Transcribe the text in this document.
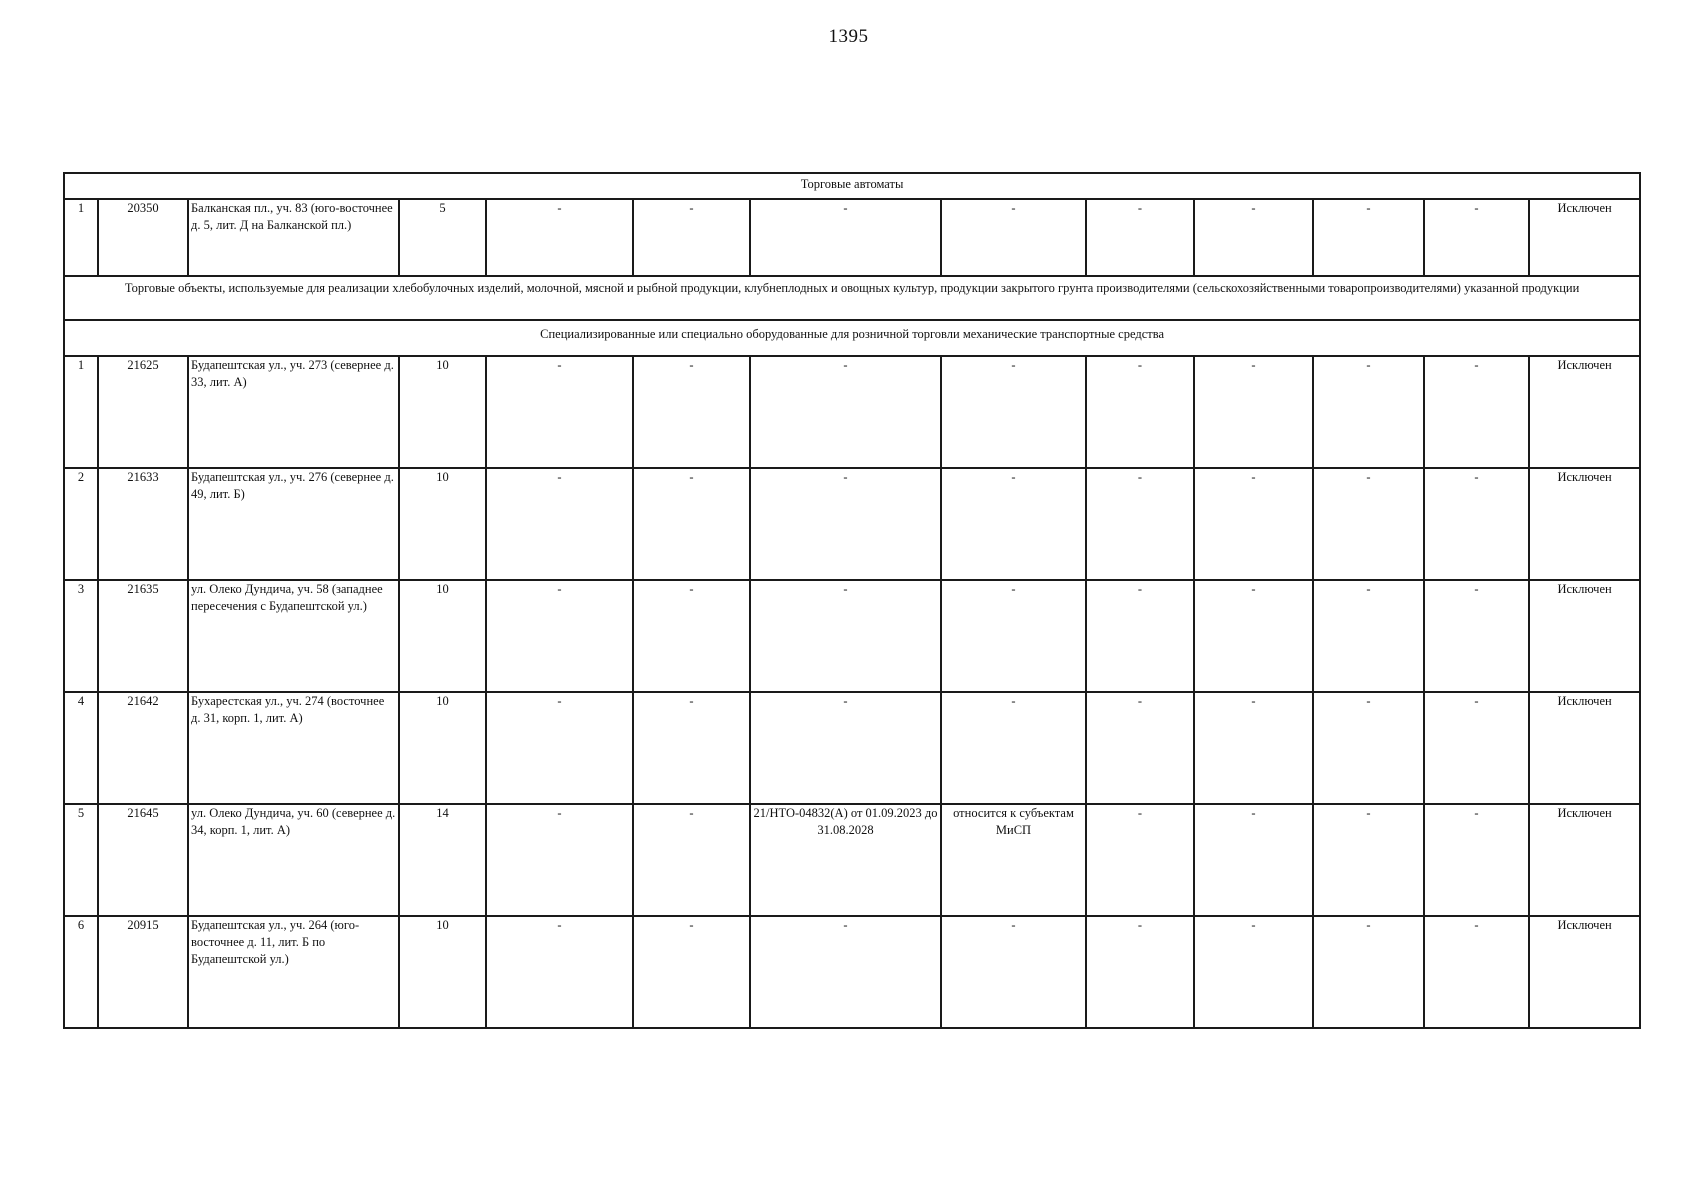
1395
Торговые автоматы												
1	20350	Балканская пл., уч. 83 (юго-восточнее д. 5, лит. Д на Балканской пл.)	5	-	-	-	-	-	-	-	-	Исключен
Торговые объекты, используемые для реализации хлебобулочных изделий, молочной, мясной и рыбной продукции, клубнеплодных и овощных культур, продукции закрытого грунта производителями (сельскохозяйственными товаропроизводителями) указанной продукции												
Специализированные или специально оборудованные для розничной торговли механические транспортные средства												
1	21625	Будапештская ул., уч. 273 (севернее д. 33, лит. А)	10	-	-	-	-	-	-	-	-	Исключен
2	21633	Будапештская ул., уч. 276 (севернее д. 49, лит. Б)	10	-	-	-	-	-	-	-	-	Исключен
3	21635	ул. Олеко Дундича, уч. 58 (западнее пересечения с Будапештской ул.)	10	-	-	-	-	-	-	-	-	Исключен
4	21642	Бухарестская ул., уч. 274 (восточнее д. 31, корп. 1, лит. А)	10	-	-	-	-	-	-	-	-	Исключен
5	21645	ул. Олеко Дундича, уч. 60 (севернее д. 34, корп. 1, лит. А)	14	-	-	21/НТО-04832(А) от 01.09.2023 до 31.08.2028	относится к субъектам МиСП	-	-	-	-	Исключен
6	20915	Будапештская ул., уч. 264 (юго-восточнее д. 11, лит. Б по Будапештской ул.)	10	-	-	-	-	-	-	-	-	Исключен
